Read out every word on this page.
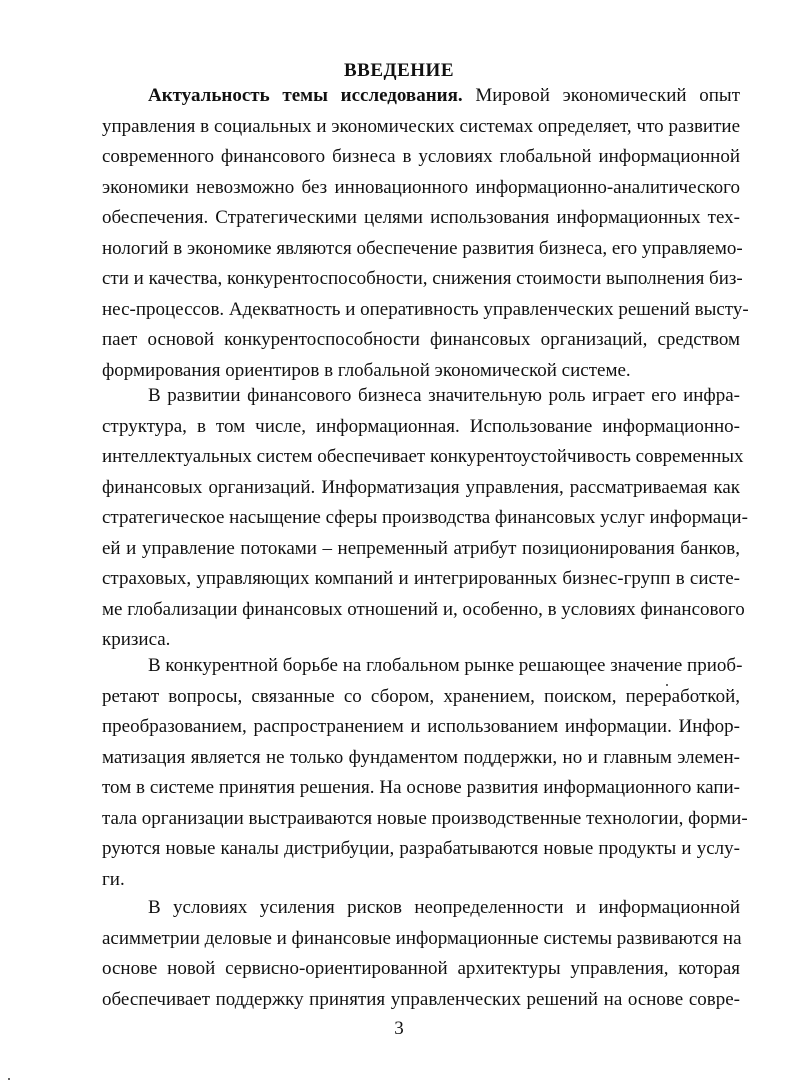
ВВЕДЕНИЕ
Актуальность темы исследования. Мировой экономический опыт
управления в социальных и экономических системах определяет, что развитие
современного финансового бизнеса в условиях глобальной информационной
экономики невозможно без инновационного информационно-аналитического
обеспечения. Стратегическими целями использования информационных тех-
нологий в экономике являются обеспечение развития бизнеса, его управляемо-
сти и качества, конкурентоспособности, снижения стоимости выполнения биз-
нес-процессов. Адекватность и оперативность управленческих решений высту-
пает основой конкурентоспособности финансовых организаций, средством
формирования ориентиров в глобальной экономической системе.
В развитии финансового бизнеса значительную роль играет его инфра-
структура, в том числе, информационная. Использование информационно-
интеллектуальных систем обеспечивает конкурентоустойчивость современных
финансовых организаций. Информатизация управления, рассматриваемая как
стратегическое насыщение сферы производства финансовых услуг информаци-
ей и управление потоками – непременный атрибут позиционирования банков,
страховых, управляющих компаний и интегрированных бизнес-групп в систе-
ме глобализации финансовых отношений и, особенно, в условиях финансового
кризиса.
В конкурентной борьбе на глобальном рынке решающее значение приоб-
ретают вопросы, связанные со сбором, хранением, поиском, переработкой,
преобразованием, распространением и использованием информации. Инфор-
матизация является не только фундаментом поддержки, но и главным элемен-
том в системе принятия решения. На основе развития информационного капи-
тала организации выстраиваются новые производственные технологии, форми-
руются новые каналы дистрибуции, разрабатываются новые продукты и услу-
ги.
В условиях усиления рисков неопределенности и информационной
асимметрии деловые и финансовые информационные системы развиваются на
основе новой сервисно-ориентированной архитектуры управления, которая
обеспечивает поддержку принятия управленческих решений на основе совре-
3
